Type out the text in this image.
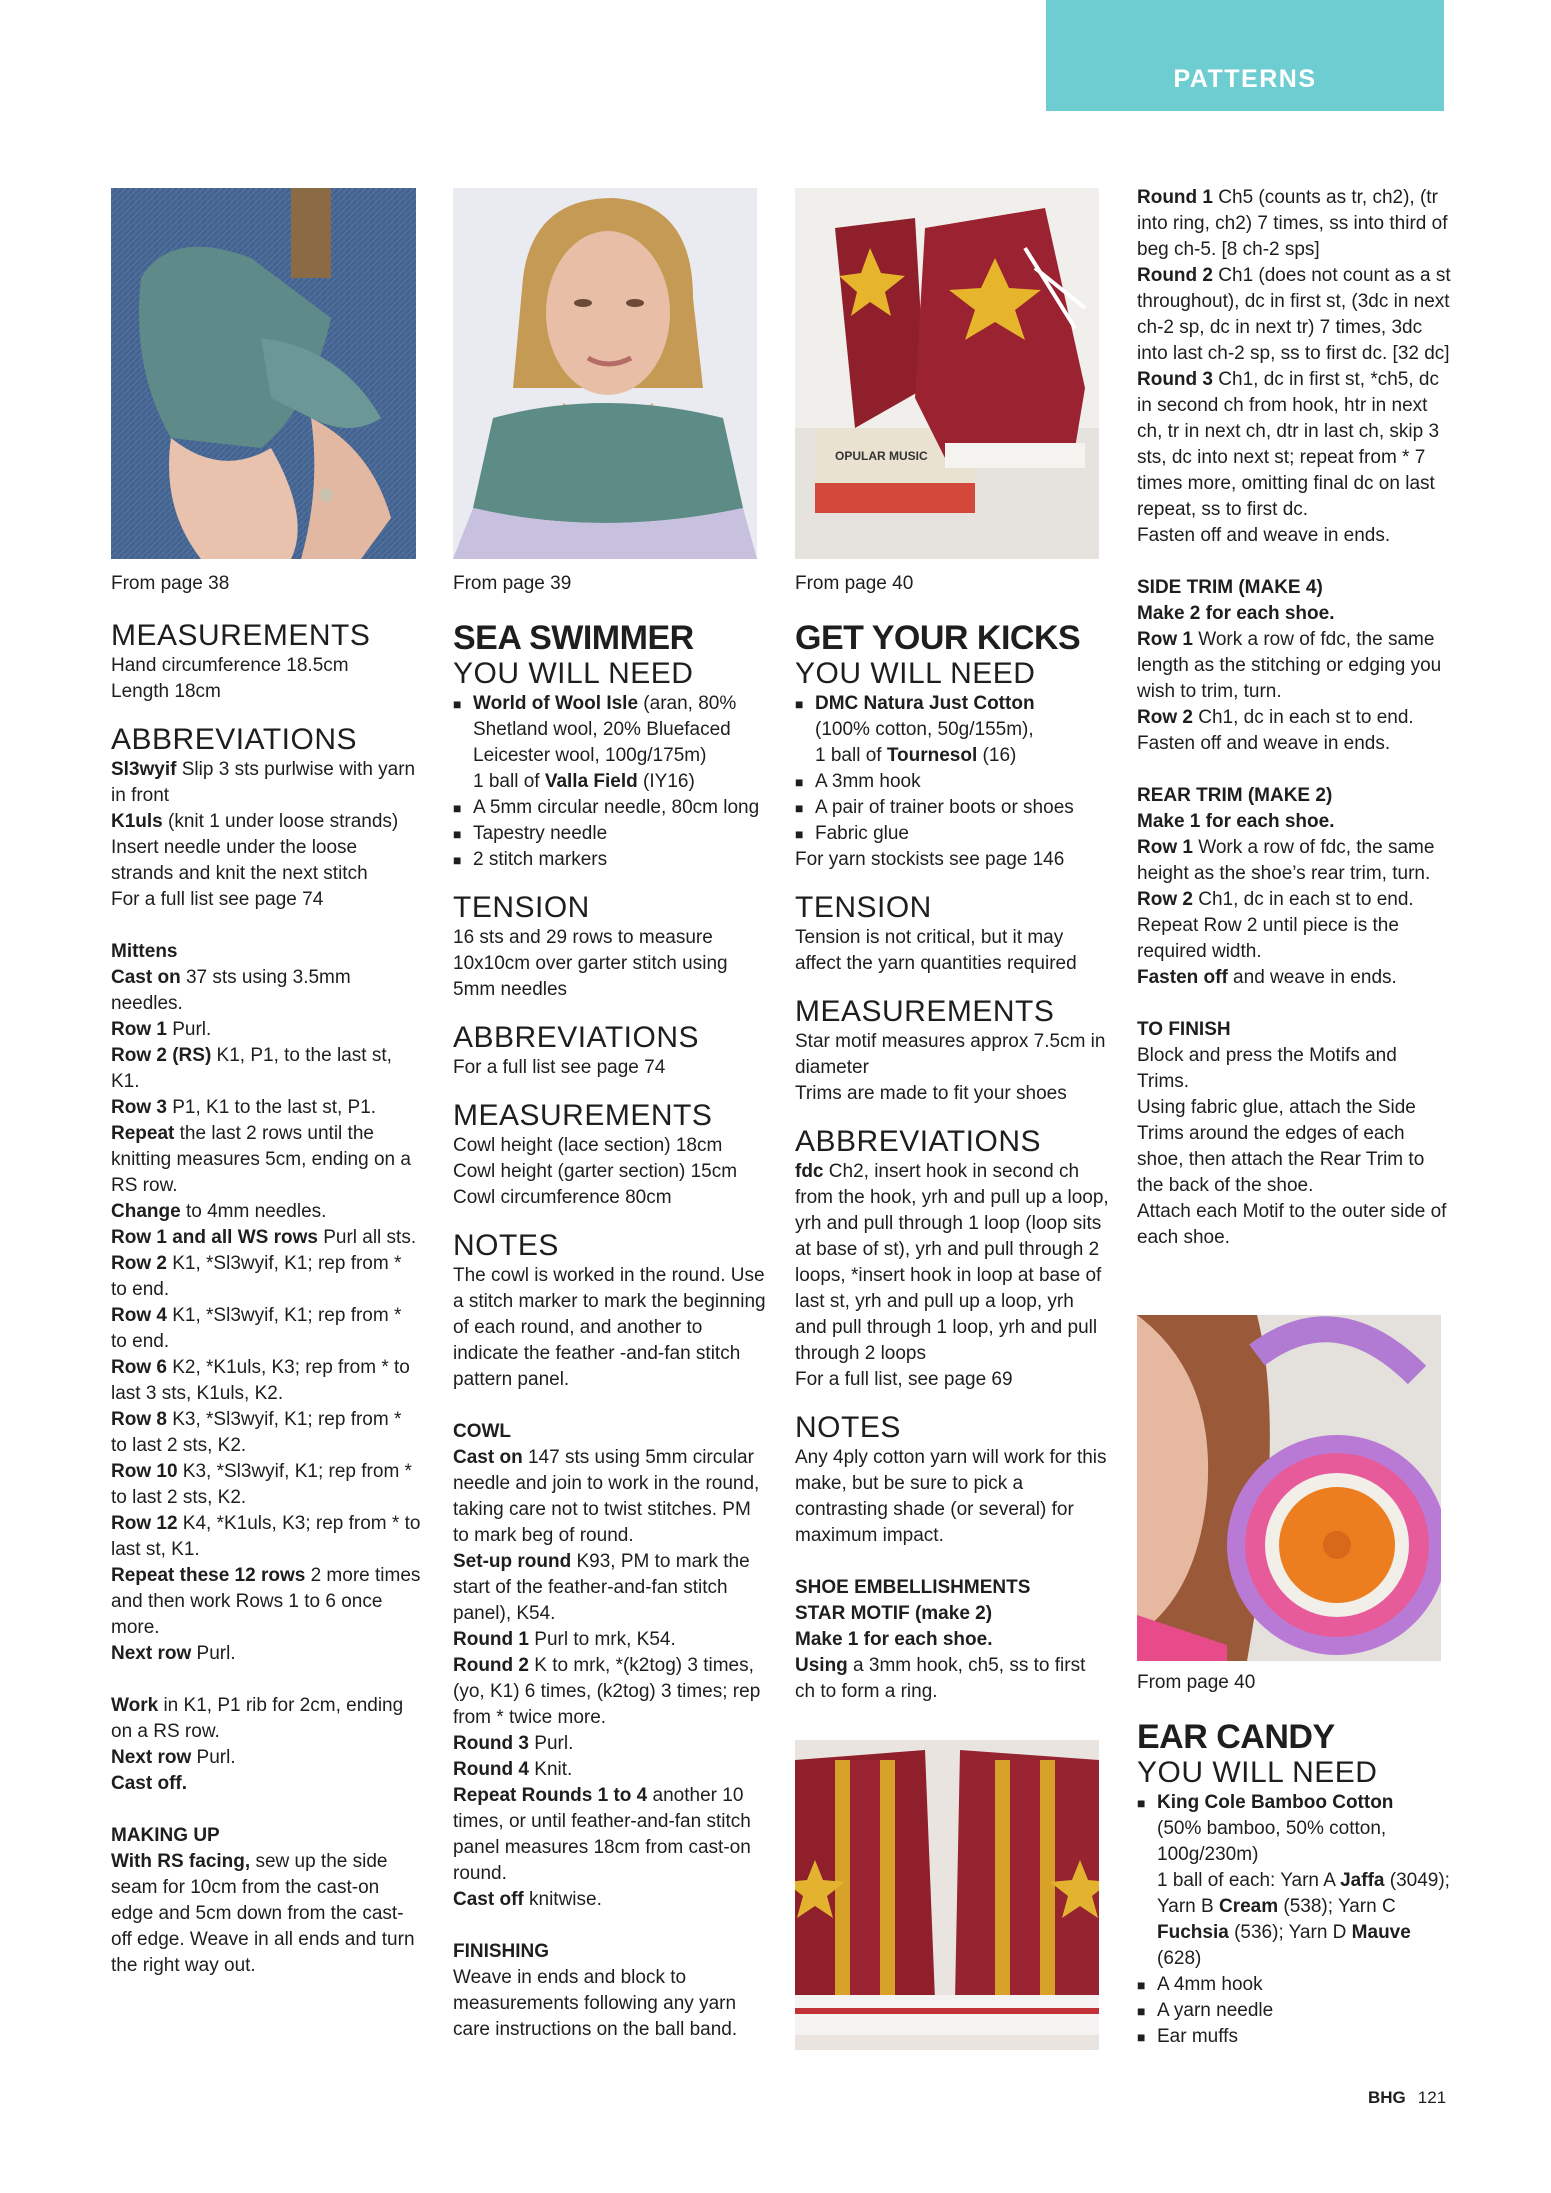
PATTERNS

From page 38

MEASUREMENTS

Hand circumference 18.5cm

Length 18cm

ABBREVIATIONS

Sl3wyif Slip 3 sts purlwise with yarn in front

K1uls (knit 1 under loose strands) Insert needle under the loose strands and knit the next stitch

For a full list see page 74

Mittens

Cast on 37 sts using 3.5mm needles.

Row 1 Purl.

Row 2 (RS) K1, P1, to the last st, K1.

Row 3 P1, K1 to the last st, P1.

Repeat the last 2 rows until the knitting measures 5cm, ending on a RS row.

Change to 4mm needles.

Row 1 and all WS rows Purl all sts.

Row 2 K1, *Sl3wyif, K1; rep from * to end.

Row 4 K1, *Sl3wyif, K1; rep from * to end.

Row 6 K2, *K1uls, K3; rep from * to last 3 sts, K1uls, K2.

Row 8 K3, *Sl3wyif, K1; rep from * to last 2 sts, K2.

Row 10 K3, *Sl3wyif, K1; rep from * to last 2 sts, K2.

Row 12 K4, *K1uls, K3; rep from * to last st, K1.

Repeat these 12 rows 2 more times and then work Rows 1 to 6 once more.

Next row Purl.

Work in K1, P1 rib for 2cm, ending on a RS row.

Next row Purl.

Cast off.

MAKING UP

With RS facing, sew up the side seam for 10cm from the cast-on edge and 5cm down from the cast-off edge. Weave in all ends and turn the right way out.

From page 39

SEA SWIMMER
YOU WILL NEED

■ World of Wool Isle (aran, 80% Shetland wool, 20% Bluefaced Leicester wool, 100g/175m)

1 ball of Valla Field (IY16)

■ A 5mm circular needle, 80cm long

■ Tapestry needle

■ 2 stitch markers

TENSION

16 sts and 29 rows to measure 10x10cm over garter stitch using 5mm needles

ABBREVIATIONS

For a full list see page 74

MEASUREMENTS

Cowl height (lace section) 18cm

Cowl height (garter section) 15cm

Cowl circumference 80cm

NOTES

The cowl is worked in the round. Use a stitch marker to mark the beginning of each round, and another to indicate the feather -and-fan stitch pattern panel.

COWL

Cast on 147 sts using 5mm circular needle and join to work in the round, taking care not to twist stitches. PM to mark beg of round.

Set-up round K93, PM to mark the start of the feather-and-fan stitch panel), K54.

Round 1 Purl to mrk, K54.

Round 2 K to mrk, *(k2tog) 3 times, (yo, K1) 6 times, (k2tog) 3 times; rep from * twice more.

Round 3 Purl.

Round 4 Knit.

Repeat Rounds 1 to 4 another 10 times, or until feather-and-fan stitch panel measures 18cm from cast-on round.

Cast off knitwise.

FINISHING

Weave in ends and block to measurements following any yarn care instructions on the ball band.

OPULAR MUSIC

From page 40

GET YOUR KICKS
YOU WILL NEED

■ DMC Natura Just Cotton

(100% cotton, 50g/155m),

1 ball of Tournesol (16)

■ A 3mm hook

■ A pair of trainer boots or shoes

■ Fabric glue

For yarn stockists see page 146

TENSION

Tension is not critical, but it may affect the yarn quantities required

MEASUREMENTS

Star motif measures approx 7.5cm in diameter

Trims are made to fit your shoes

ABBREVIATIONS

fdc Ch2, insert hook in second ch from the hook, yrh and pull up a loop, yrh and pull through 1 loop (loop sits at base of st), yrh and pull through 2 loops, *insert hook in loop at base of last st, yrh and pull up a loop, yrh and pull through 1 loop, yrh and pull through 2 loops

For a full list, see page 69

NOTES

Any 4ply cotton yarn will work for this make, but be sure to pick a contrasting shade (or several) for maximum impact.

SHOE EMBELLISHMENTS
STAR MOTIF (make 2)

Make 1 for each shoe.

Using a 3mm hook, ch5, ss to first ch to form a ring.

Round 1 Ch5 (counts as tr, ch2), (tr into ring, ch2) 7 times, ss into third of beg ch-5. [8 ch-2 sps]

Round 2 Ch1 (does not count as a st throughout), dc in first st, (3dc in next ch-2 sp, dc in next tr) 7 times, 3dc into last ch-2 sp, ss to first dc. [32 dc]

Round 3 Ch1, dc in first st, *ch5, dc in second ch from hook, htr in next ch, tr in next ch, dtr in last ch, skip 3 sts, dc into next st; repeat from * 7 times more, omitting final dc on last repeat, ss to first dc.

Fasten off and weave in ends.

SIDE TRIM (MAKE 4)

Make 2 for each shoe.

Row 1 Work a row of fdc, the same length as the stitching or edging you wish to trim, turn.

Row 2 Ch1, dc in each st to end.

Fasten off and weave in ends.

REAR TRIM (MAKE 2)

Make 1 for each shoe.

Row 1 Work a row of fdc, the same height as the shoe’s rear trim, turn.

Row 2 Ch1, dc in each st to end.

Repeat Row 2 until piece is the required width.

Fasten off and weave in ends.

TO FINISH

Block and press the Motifs and Trims.

Using fabric glue, attach the Side Trims around the edges of each shoe, then attach the Rear Trim to the back of the shoe.

Attach each Motif to the outer side of each shoe.

From page 40

EAR CANDY
YOU WILL NEED

■ King Cole Bamboo Cotton

(50% bamboo, 50% cotton, 100g/230m)

1 ball of each: Yarn A Jaffa (3049); Yarn B Cream (538); Yarn C Fuchsia (536); Yarn D Mauve (628)

■ A 4mm hook

■ A yarn needle

■ Ear muffs

BHG 121
